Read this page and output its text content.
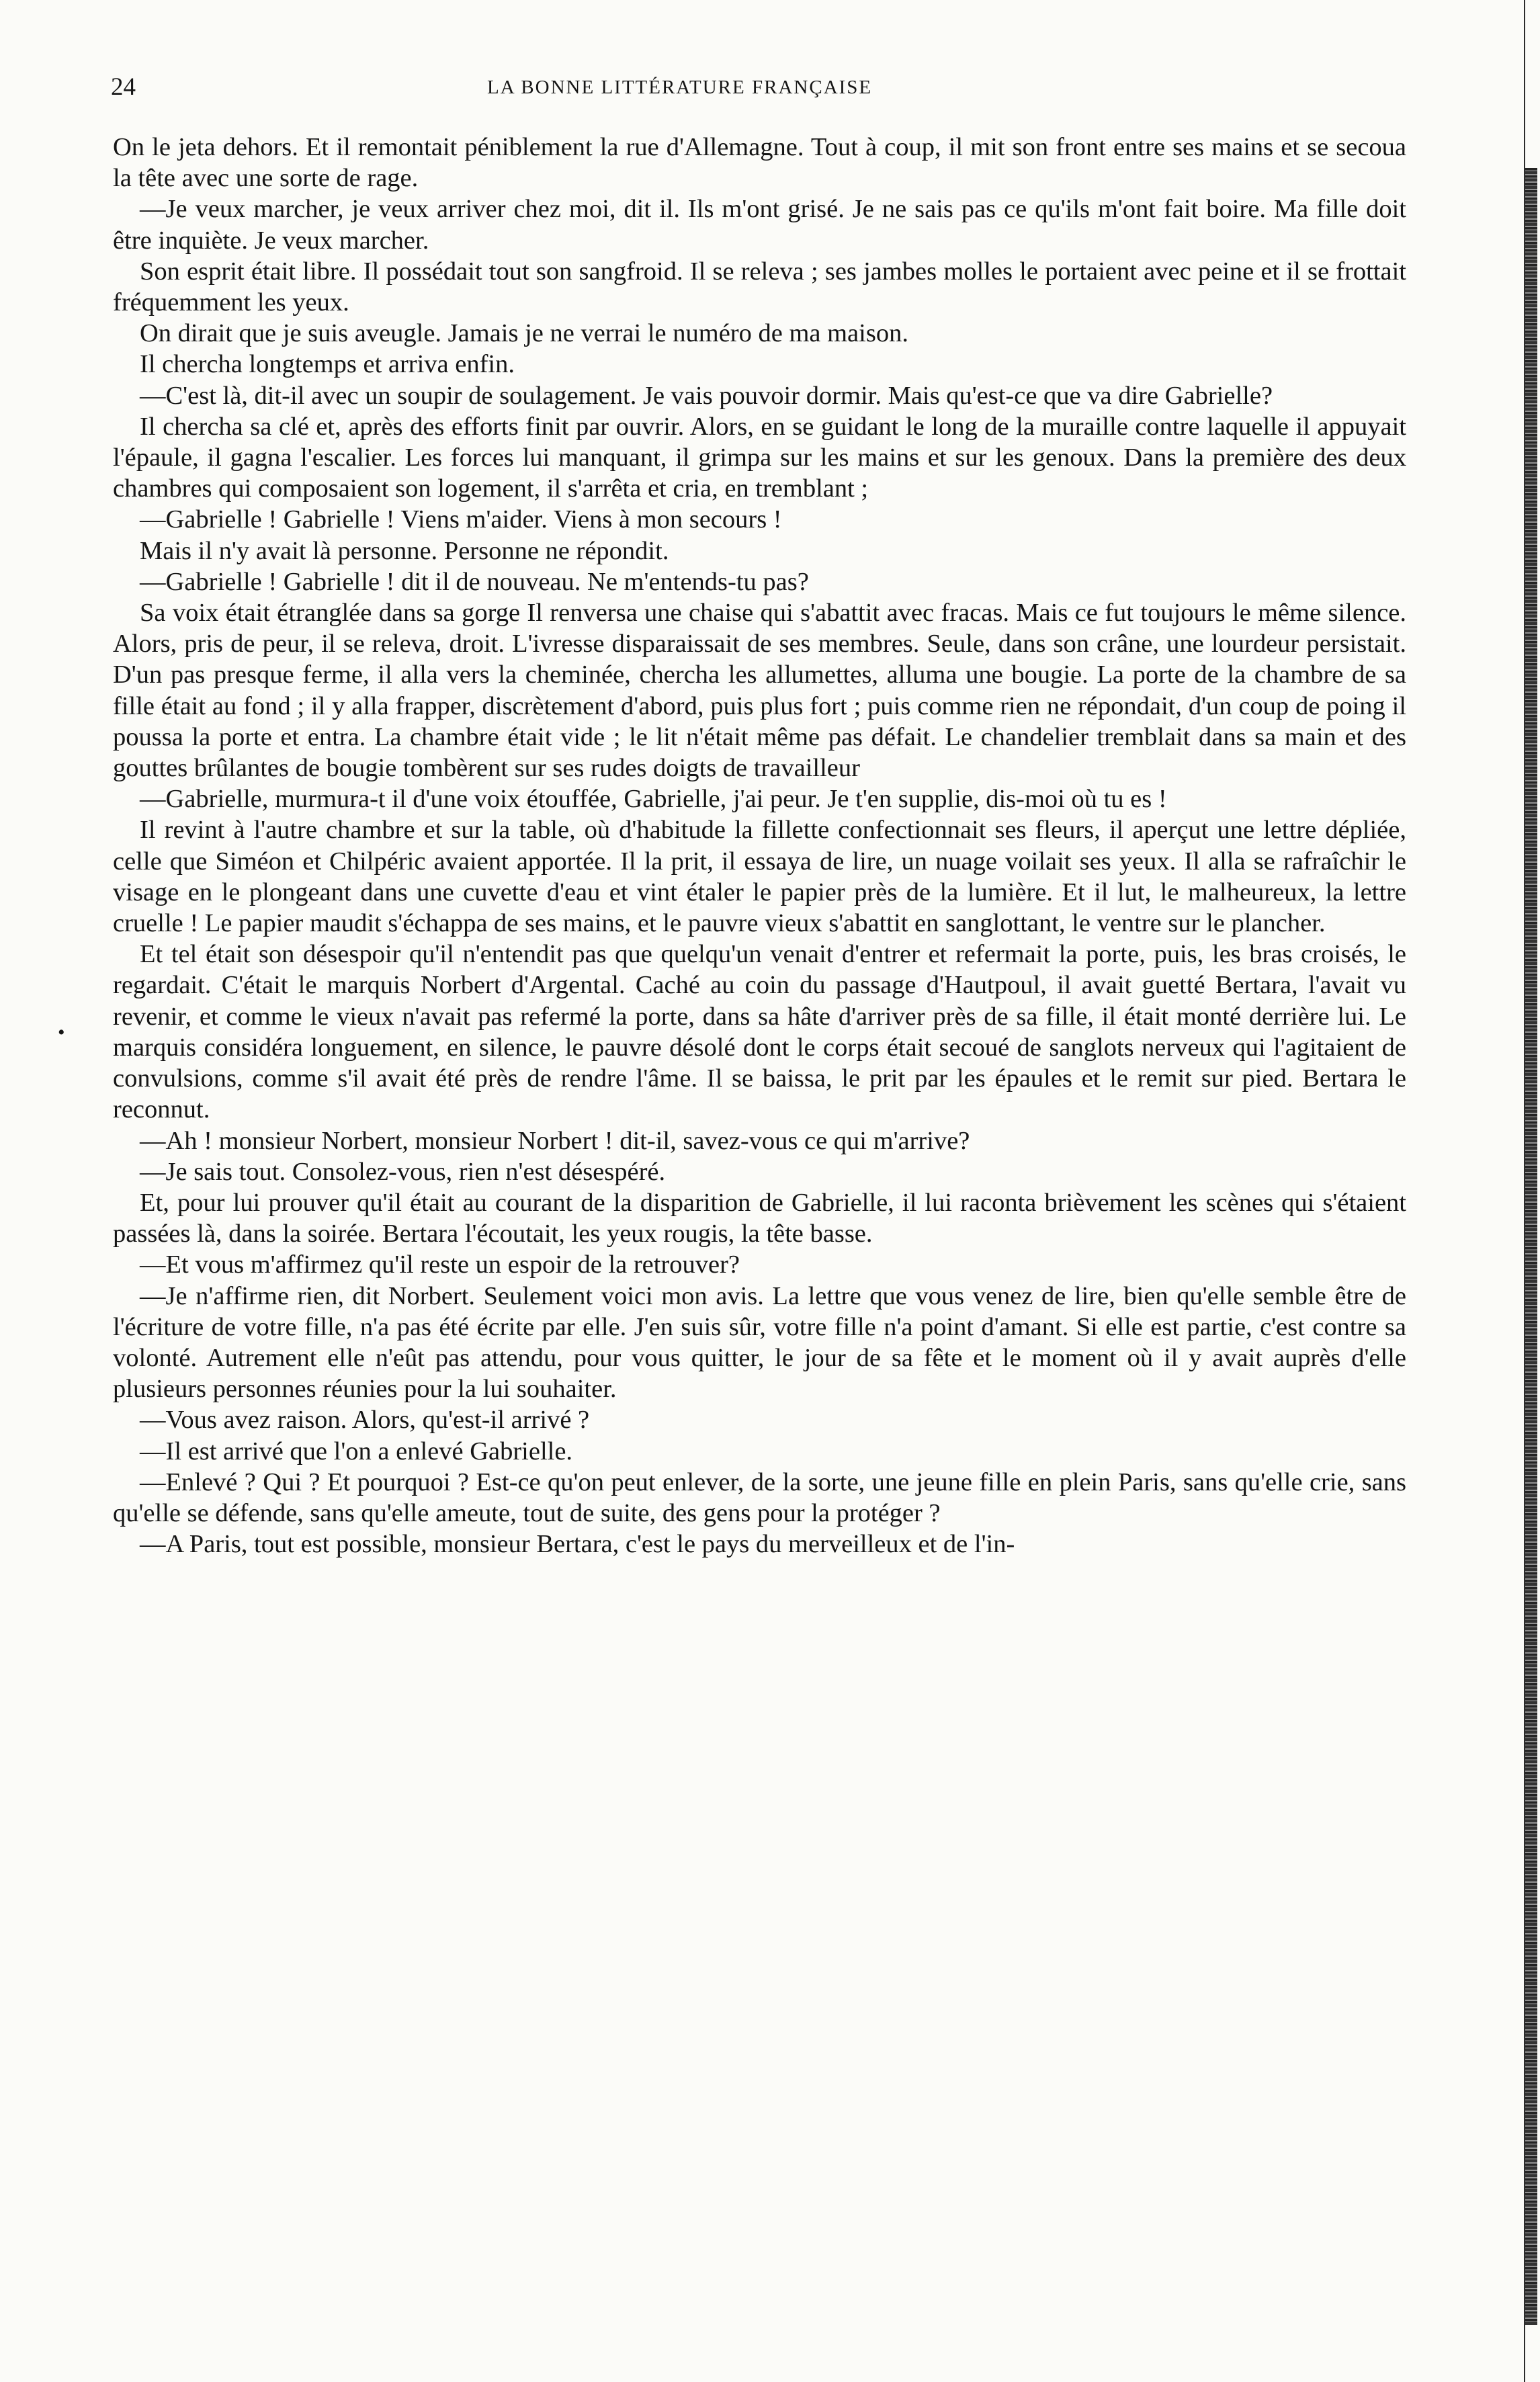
24	LA BONNE LITTÉRATURE FRANÇAISE
•

On le jeta dehors. Et il remontait péniblement la rue d'Allemagne. Tout à coup, il mit son front entre ses mains et se secoua la tête avec une sorte de rage.

—Je veux marcher, je veux arriver chez moi, dit il. Ils m'ont grisé. Je ne sais pas ce qu'ils m'ont fait boire. Ma fille doit être inquiète. Je veux marcher.

Son esprit était libre. Il possédait tout son sangfroid. Il se releva ; ses jambes molles le portaient avec peine et il se frottait fréquemment les yeux.

On dirait que je suis aveugle. Jamais je ne verrai le numéro de ma maison.

Il chercha longtemps et arriva enfin.

—C'est là, dit-il avec un soupir de soulagement. Je vais pouvoir dormir. Mais qu'est-ce que va dire Gabrielle?

Il chercha sa clé et, après des efforts finit par ouvrir. Alors, en se guidant le long de la muraille contre laquelle il appuyait l'épaule, il gagna l'escalier. Les forces lui manquant, il grimpa sur les mains et sur les genoux. Dans la première des deux chambres qui composaient son logement, il s'arrêta et cria, en tremblant ;

—Gabrielle ! Gabrielle ! Viens m'aider. Viens à mon secours !

Mais il n'y avait là personne. Personne ne répondit.

—Gabrielle ! Gabrielle ! dit il de nouveau. Ne m'entends-tu pas?

Sa voix était étranglée dans sa gorge Il renversa une chaise qui s'abattit avec fracas. Mais ce fut toujours le même silence. Alors, pris de peur, il se releva, droit. L'ivresse disparaissait de ses membres. Seule, dans son crâne, une lourdeur persistait. D'un pas presque ferme, il alla vers la cheminée, chercha les allumettes, alluma une bougie. La porte de la chambre de sa fille était au fond ; il y alla frapper, discrètement d'abord, puis plus fort ; puis comme rien ne répondait, d'un coup de poing il poussa la porte et entra. La chambre était vide ; le lit n'était même pas défait. Le chandelier tremblait dans sa main et des gouttes brûlantes de bougie tombèrent sur ses rudes doigts de travailleur

—Gabrielle, murmura-t il d'une voix étouffée, Gabrielle, j'ai peur. Je t'en supplie, dis-moi où tu es !

Il revint à l'autre chambre et sur la table, où d'habitude la fillette confectionnait ses fleurs, il aperçut une lettre dépliée, celle que Siméon et Chilpéric avaient apportée. Il la prit, il essaya de lire, un nuage voilait ses yeux. Il alla se rafraîchir le visage en le plongeant dans une cuvette d'eau et vint étaler le papier près de la lumière. Et il lut, le malheureux, la lettre cruelle ! Le papier maudit s'échappa de ses mains, et le pauvre vieux s'abattit en sanglottant, le ventre sur le plancher.

Et tel était son désespoir qu'il n'entendit pas que quelqu'un venait d'entrer et refermait la porte, puis, les bras croisés, le regardait. C'était le marquis Norbert d'Argental. Caché au coin du passage d'Hautpoul, il avait guetté Bertara, l'avait vu revenir, et comme le vieux n'avait pas refermé la porte, dans sa hâte d'arriver près de sa fille, il était monté derrière lui. Le marquis considéra longuement, en silence, le pauvre désolé dont le corps était secoué de sanglots nerveux qui l'agitaient de convulsions, comme s'il avait été près de rendre l'âme. Il se baissa, le prit par les épaules et le remit sur pied. Bertara le reconnut.

—Ah ! monsieur Norbert, monsieur Norbert ! dit-il, savez-vous ce qui m'arrive?

—Je sais tout. Consolez-vous, rien n'est désespéré.

Et, pour lui prouver qu'il était au courant de la disparition de Gabrielle, il lui raconta brièvement les scènes qui s'étaient passées là, dans la soirée. Bertara l'écoutait, les yeux rougis, la tête basse.

—Et vous m'affirmez qu'il reste un espoir de la retrouver?

—Je n'affirme rien, dit Norbert. Seulement voici mon avis. La lettre que vous venez de lire, bien qu'elle semble être de l'écriture de votre fille, n'a pas été écrite par elle. J'en suis sûr, votre fille n'a point d'amant. Si elle est partie, c'est contre sa volonté. Autrement elle n'eût pas attendu, pour vous quitter, le jour de sa fête et le moment où il y avait auprès d'elle plusieurs personnes réunies pour la lui souhaiter.

—Vous avez raison. Alors, qu'est-il arrivé ?

—Il est arrivé que l'on a enlevé Gabrielle.

—Enlevé ? Qui ? Et pourquoi ? Est-ce qu'on peut enlever, de la sorte, une jeune fille en plein Paris, sans qu'elle crie, sans qu'elle se défende, sans qu'elle ameute, tout de suite, des gens pour la protéger ?

—A Paris, tout est possible, monsieur Bertara, c'est le pays du merveilleux et de l'in-
